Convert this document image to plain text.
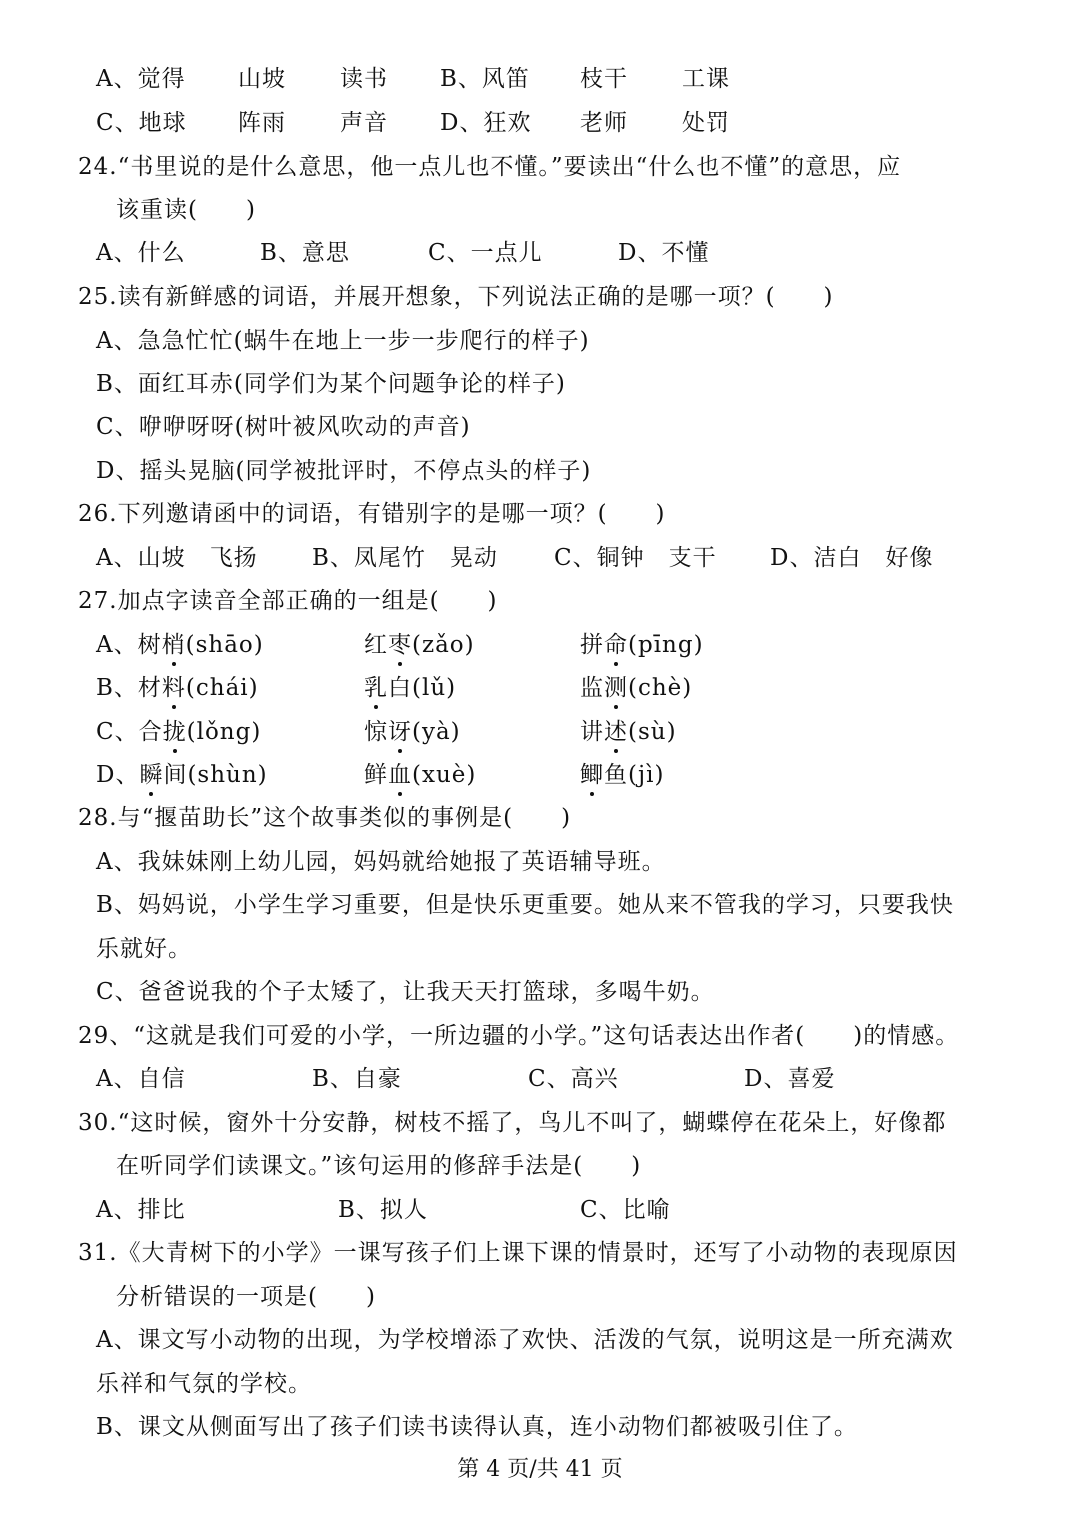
A、觉得 山坡 读书 B、风笛 枝干 工课
C、地球 阵雨 声音 D、狂欢 老师 处罚
24.“书里说的是什么意思，他一点儿也不懂。”要读出“什么也不懂”的意思，应
该重读(　　)
A、什么	B、意思	C、一点儿	D、不懂
25.读有新鲜感的词语，并展开想象，下列说法正确的是哪一项？(　　)
A、急急忙忙(蜗牛在地上一步一步爬行的样子)
B、面红耳赤(同学们为某个问题争论的样子)
C、咿咿呀呀(树叶被风吹动的声音)
D、摇头晃脑(同学被批评时，不停点头的样子)
26.下列邀请函中的词语，有错别字的是哪一项？(　　)
A、山坡　飞扬 B、凤尾竹　晃动 C、铜钟　支干 D、洁白　好像
27.加点字读音全部正确的一组是(　　)
A、树梢(shāo)	红枣(zǎo)	拼命(pīng)
B、材料(chái)	乳白(lǔ)	监测(chè)
C、合拢(lǒng)	惊讶(yà)	讲述(sù)
D、瞬间(shùn)	鲜血(xuè)	鲫鱼(jì)
28.与“揠苗助长”这个故事类似的事例是(　　)
A、我妹妹刚上幼儿园，妈妈就给她报了英语辅导班。
B、妈妈说，小学生学习重要，但是快乐更重要。她从来不管我的学习，只要我快
乐就好。
C、爸爸说我的个子太矮了，让我天天打篮球，多喝牛奶。
29、“这就是我们可爱的小学，一所边疆的小学。”这句话表达出作者(　　)的情感。
A、自信	B、自豪	C、高兴	D、喜爱
30.“这时候，窗外十分安静，树枝不摇了，鸟儿不叫了，蝴蝶停在花朵上，好像都
在听同学们读课文。”该句运用的修辞手法是(　　)
A、排比	B、拟人	C、比喻
31.《大青树下的小学》一课写孩子们上课下课的情景时，还写了小动物的表现原因
分析错误的一项是(　　)
A、课文写小动物的出现，为学校增添了欢快、活泼的气氛，说明这是一所充满欢
乐祥和气氛的学校。
B、课文从侧面写出了孩子们读书读得认真，连小动物们都被吸引住了。
第 4 页/共 41 页
